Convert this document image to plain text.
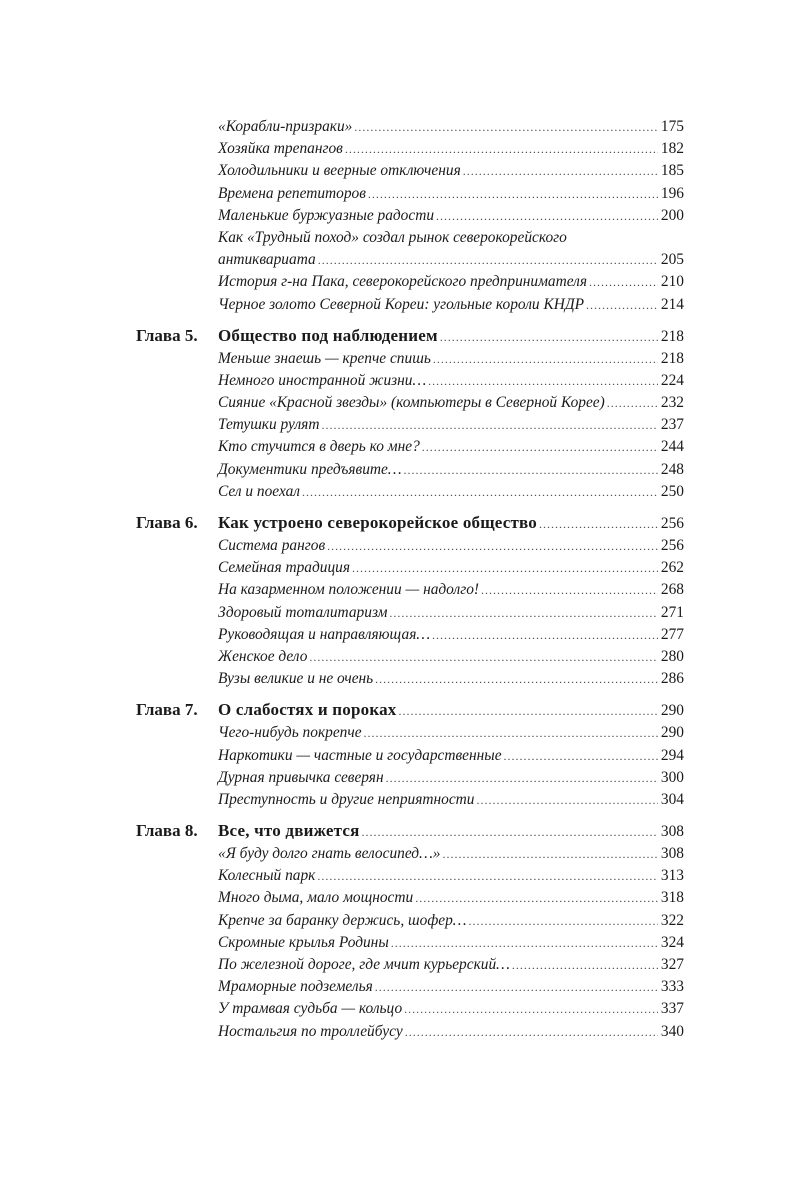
«Корабли-призраки» .....	175
Хозяйка трепангов .....	182
Холодильники и веерные отключения .....	185
Времена репетиторов .....	196
Маленькие буржуазные радости .....	200
Как «Трудный поход» создал рынок северокорейского
антиквариата .....	205
История г-на Пака, северокорейского предпринимателя .....	210
Черное золото Северной Кореи: угольные короли КНДР .....	214
Глава 5. Общество под наблюдением .....	218
Меньше знаешь — крепче спишь .....	218
Немного иностранной жизни… .....	224
Сияние «Красной звезды» (компьютеры в Северной Корее) .....	232
Тетушки рулят .....	237
Кто стучится в дверь ко мне? .....	244
Документики предъявите… .....	248
Сел и поехал .....	250
Глава 6. Как устроено северокорейское общество .....	256
Система рангов .....	256
Семейная традиция .....	262
На казарменном положении — надолго! .....	268
Здоровый тоталитаризм .....	271
Руководящая и направляющая… .....	277
Женское дело .....	280
Вузы великие и не очень .....	286
Глава 7. О слабостях и пороках .....	290
Чего-нибудь покрепче .....	290
Наркотики — частные и государственные .....	294
Дурная привычка северян .....	300
Преступность и другие неприятности .....	304
Глава 8. Все, что движется .....	308
«Я буду долго гнать велосипед…» .....	308
Колесный парк .....	313
Много дыма, мало мощности .....	318
Крепче за баранку держись, шофер… .....	322
Скромные крылья Родины .....	324
По железной дороге, где мчит курьерский… .....	327
Мраморные подземелья .....	333
У трамвая судьба — кольцо .....	337
Ностальгия по троллейбусу .....	340
